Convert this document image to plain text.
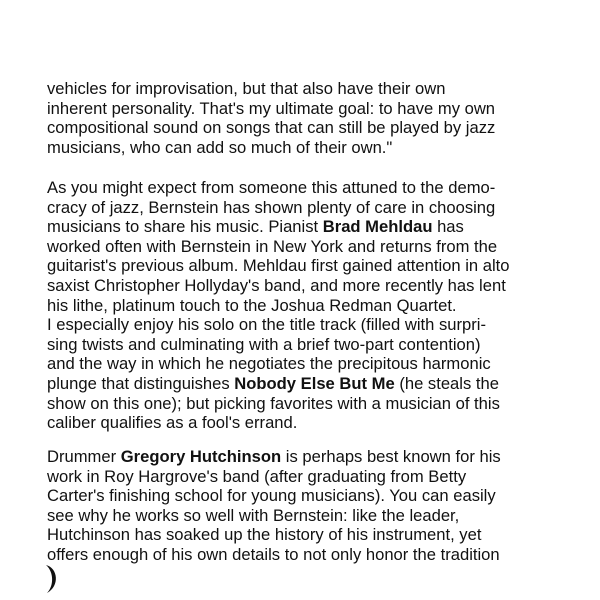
vehicles for improvisation, but that also have their own
inherent personality. That's my ultimate goal: to have my own
compositional sound on songs that can still be played by jazz
musicians, who can add so much of their own."
As you might expect from someone this attuned to the demo-
cracy of jazz, Bernstein has shown plenty of care in choosing
musicians to share his music. Pianist Brad Mehldau has
worked often with Bernstein in New York and returns from the
guitarist's previous album. Mehldau first gained attention in alto
saxist Christopher Hollyday's band, and more recently has lent
his lithe, platinum touch to the Joshua Redman Quartet.
I especially enjoy his solo on the title track (filled with surpri-
sing twists and culminating with a brief two-part contention)
and the way in which he negotiates the precipitous harmonic
plunge that distinguishes Nobody Else But Me (he steals the
show on this one); but picking favorites with a musician of this
caliber qualifies as a fool's errand.
Drummer Gregory Hutchinson is perhaps best known for his
work in Roy Hargrove's band (after graduating from Betty
Carter's finishing school for young musicians). You can easily
see why he works so well with Bernstein: like the leader,
Hutchinson has soaked up the history of his instrument, yet
offers enough of his own details to not only honor the tradition
